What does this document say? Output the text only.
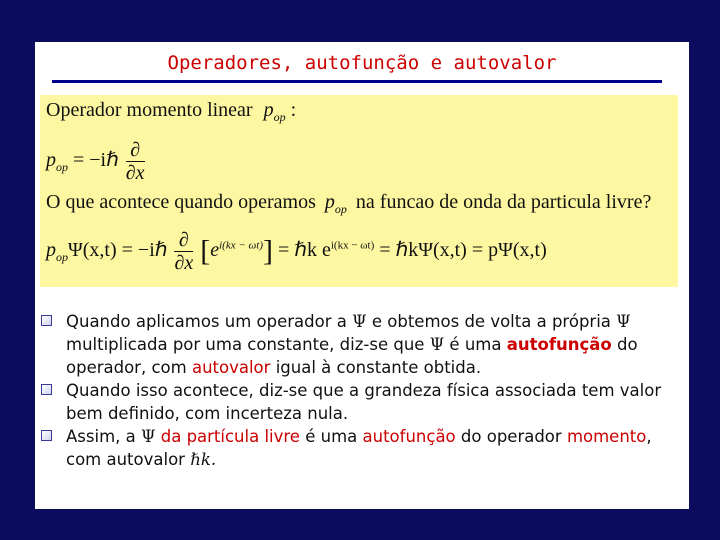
Operadores, autofunção e autovalor
Operador momento linear $p_{op}$ :
$p_{op}$ = −iℏ $\frac{\partial}{\partial x}$
O que acontece quando operamos $p_{op}$ na funcao de onda da particula livre?
$p_{op}\Psi(x,t)$ = −iℏ $\frac{\partial}{\partial x} [e^{i(kx - \omega t)}]$ = ℏk $e^{i(kx - \omega t)}$ = ℏkΨ(x,t) = pΨ(x,t)
Quando aplicamos um operador a Ψ e obtemos de volta a própria Ψ multiplicada por uma constante, diz-se que Ψ é uma autofunção do operador, com autovalor igual à constante obtida.
Quando isso acontece, diz-se que a grandeza física associada tem valor bem definido, com incerteza nula.
Assim, a Ψ da partícula livre é uma autofunção do operador momento, com autovalor ℏk.
